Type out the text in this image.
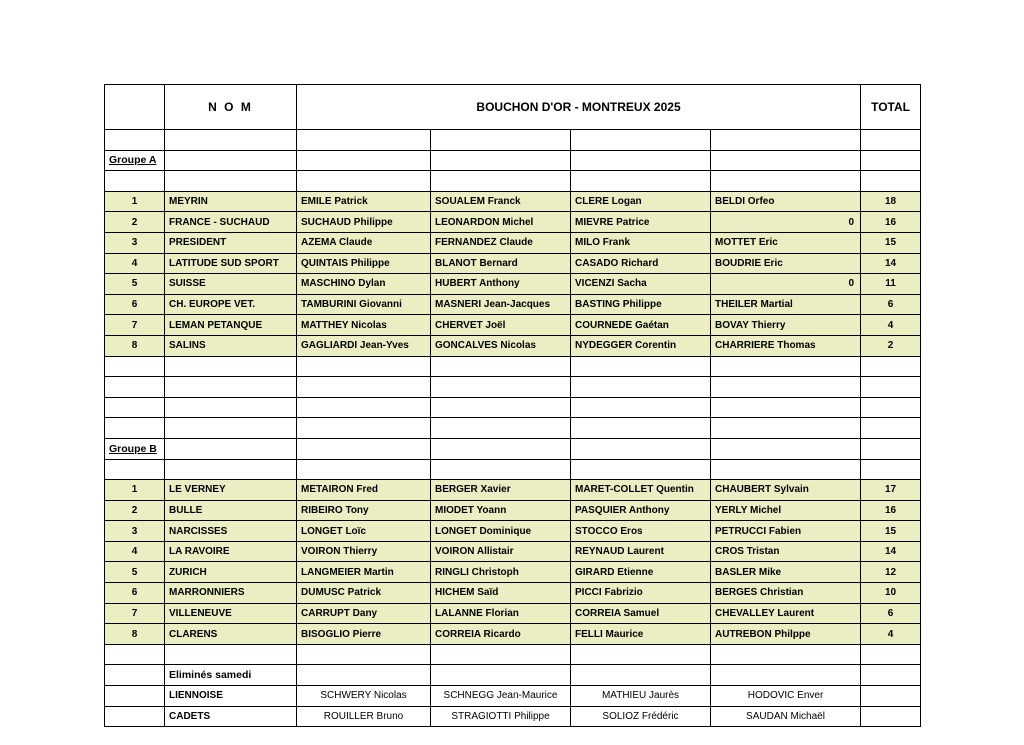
	N O M	BOUCHON D'OR - MONTREUX 2025				TOTAL

Groupe A						

1	MEYRIN	EMILE Patrick	SOUALEM Franck	CLERE Logan	BELDI Orfeo	18
2	FRANCE - SUCHAUD	SUCHAUD Philippe	LEONARDON Michel	MIEVRE Patrice	0	16
3	PRESIDENT	AZEMA Claude	FERNANDEZ Claude	MILO Frank	MOTTET Eric	15
4	LATITUDE SUD SPORT	QUINTAIS Philippe	BLANOT Bernard	CASADO Richard	BOUDRIE Eric	14
5	SUISSE	MASCHINO Dylan	HUBERT Anthony	VICENZI Sacha	0	11
6	CH. EUROPE VET.	TAMBURINI Giovanni	MASNERI Jean-Jacques	BASTING Philippe	THEILER Martial	6
7	LEMAN PETANQUE	MATTHEY Nicolas	CHERVET Joël	COURNEDE Gaétan	BOVAY Thierry	4
8	SALINS	GAGLIARDI Jean-Yves	GONCALVES Nicolas	NYDEGGER Corentin	CHARRIERE Thomas	2

Groupe B						

1	LE VERNEY	METAIRON Fred	BERGER Xavier	MARET-COLLET Quentin	CHAUBERT Sylvain	17
2	BULLE	RIBEIRO Tony	MIODET Yoann	PASQUIER Anthony	YERLY Michel	16
3	NARCISSES	LONGET Loïc	LONGET Dominique	STOCCO Eros	PETRUCCI Fabien	15
4	LA RAVOIRE	VOIRON Thierry	VOIRON Allistair	REYNAUD Laurent	CROS Tristan	14
5	ZURICH	LANGMEIER Martin	RINGLI Christoph	GIRARD Etienne	BASLER Mike	12
6	MARRONNIERS	DUMUSC Patrick	HICHEM Saïd	PICCI Fabrizio	BERGES Christian	10
7	VILLENEUVE	CARRUPT Dany	LALANNE Florian	CORREIA Samuel	CHEVALLEY Laurent	6
8	CLARENS	BISOGLIO Pierre	CORREIA Ricardo	FELLI Maurice	AUTREBON Philppe	4

	Eliminés samedi					
	LIENNOISE	SCHWERY Nicolas	SCHNEGG Jean-Maurice	MATHIEU Jaurès	HODOVIC Enver	
	CADETS	ROUILLER Bruno	STRAGIOTTI Philippe	SOLIOZ Frédéric	SAUDAN Michaël	
